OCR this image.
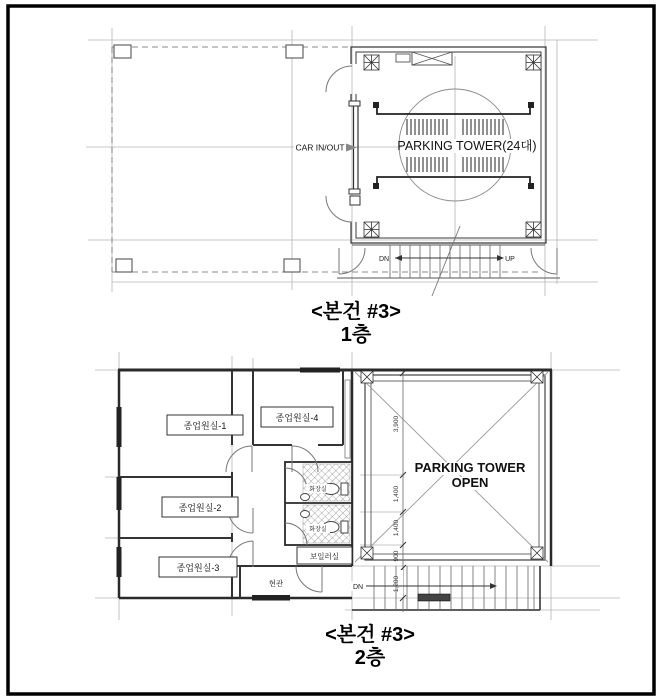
PARKING TOWER(24대)
CAR IN/OUT
DN	UP
<본건 #3>
1층
화장실
화장실
PARKING TOWER
OPEN
3,900
1,400
1,400
900
1,200
종업원실-1
종업원실-4
종업원실-2
종업원실-3
보일러실
현관	DN
<본건 #3>
2층
